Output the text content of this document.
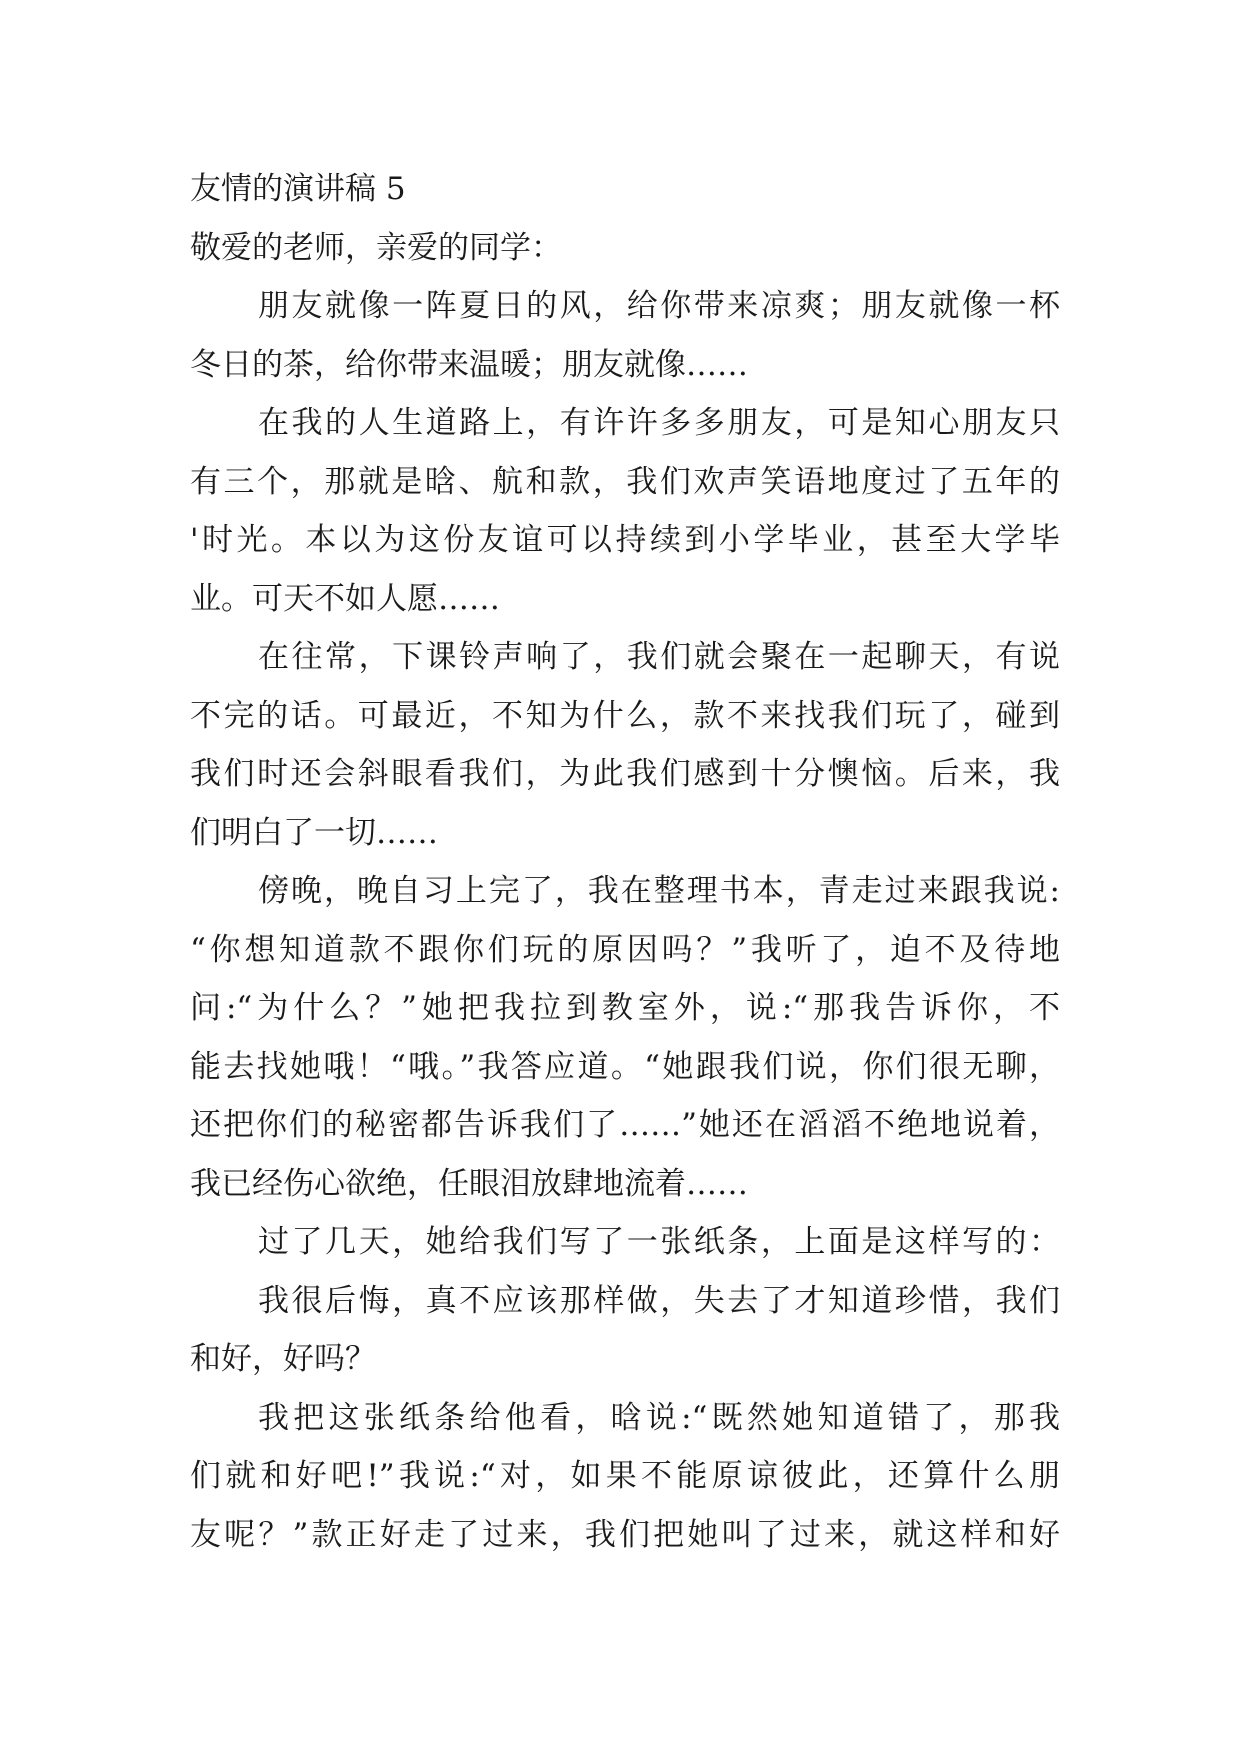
友情的演讲稿 5
敬爱的老师，亲爱的同学：
朋友就像一阵夏日的风，给你带来凉爽；朋友就像一杯
冬日的茶，给你带来温暖；朋友就像……
在我的人生道路上，有许许多多朋友，可是知心朋友只
有三个，那就是晗、航和款，我们欢声笑语地度过了五年的
'时光。本以为这份友谊可以持续到小学毕业，甚至大学毕
业。可天不如人愿……
在往常，下课铃声响了，我们就会聚在一起聊天，有说
不完的话。可最近，不知为什么，款不来找我们玩了，碰到
我们时还会斜眼看我们，为此我们感到十分懊恼。后来，我
们明白了一切……
傍晚，晚自习上完了，我在整理书本，青走过来跟我说:
“你想知道款不跟你们玩的原因吗？”我听了，迫不及待地
问:“为什么？”她把我拉到教室外，说:“那我告诉你，不
能去找她哦！“哦。”我答应道。“她跟我们说，你们很无聊，
还把你们的秘密都告诉我们了……”她还在滔滔不绝地说着，
我已经伤心欲绝，任眼泪放肆地流着……
过了几天，她给我们写了一张纸条，上面是这样写的：
我很后悔，真不应该那样做，失去了才知道珍惜，我们
和好，好吗？
我把这张纸条给他看，晗说:“既然她知道错了，那我
们就和好吧!”我说:“对，如果不能原谅彼此，还算什么朋
友呢？”款正好走了过来，我们把她叫了过来，就这样和好
